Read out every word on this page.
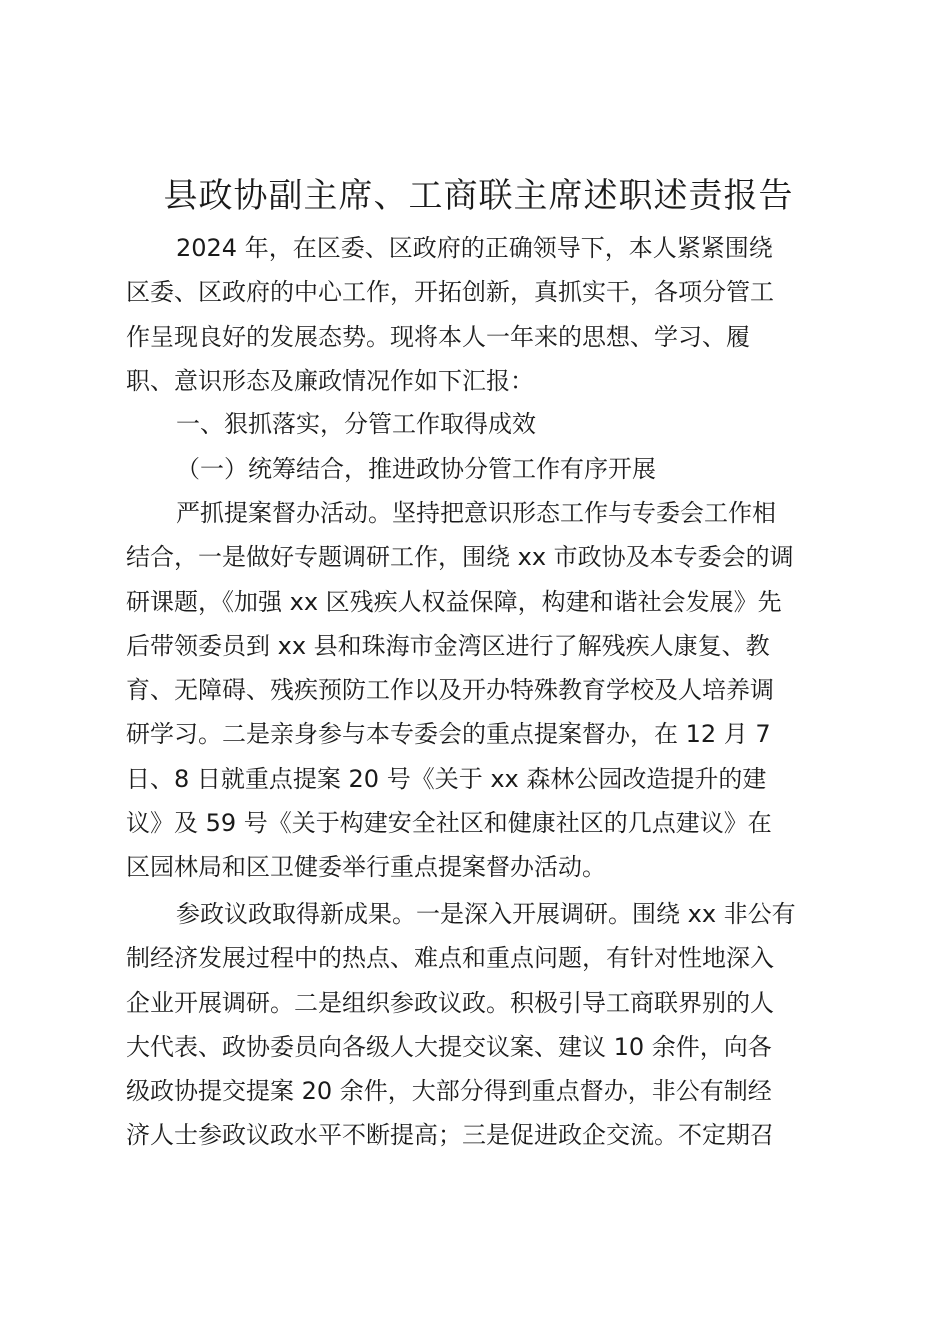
县政协副主席、工商联主席述职述责报告
2024 年，在区委、区政府的正确领导下，本人紧紧围绕
区委、区政府的中心工作，开拓创新，真抓实干，各项分管工
作呈现良好的发展态势。现将本人一年来的思想、学习、履
职、意识形态及廉政情况作如下汇报：
一、狠抓落实，分管工作取得成效
（一）统筹结合，推进政协分管工作有序开展
严抓提案督办活动。坚持把意识形态工作与专委会工作相
结合，一是做好专题调研工作，围绕 xx 市政协及本专委会的调
研课题，《加强 xx 区残疾人权益保障，构建和谐社会发展》先
后带领委员到 xx 县和珠海市金湾区进行了解残疾人康复、教
育、无障碍、残疾预防工作以及开办特殊教育学校及人培养调
研学习。二是亲身参与本专委会的重点提案督办，在 12 月 7
日、8 日就重点提案 20 号《关于 xx 森林公园改造提升的建
议》及 59 号《关于构建安全社区和健康社区的几点建议》在
区园林局和区卫健委举行重点提案督办活动。
参政议政取得新成果。一是深入开展调研。围绕 xx 非公有
制经济发展过程中的热点、难点和重点问题，有针对性地深入
企业开展调研。二是组织参政议政。积极引导工商联界别的人
大代表、政协委员向各级人大提交议案、建议 10 余件，向各
级政协提交提案 20 余件，大部分得到重点督办，非公有制经
济人士参政议政水平不断提高；三是促进政企交流。不定期召
